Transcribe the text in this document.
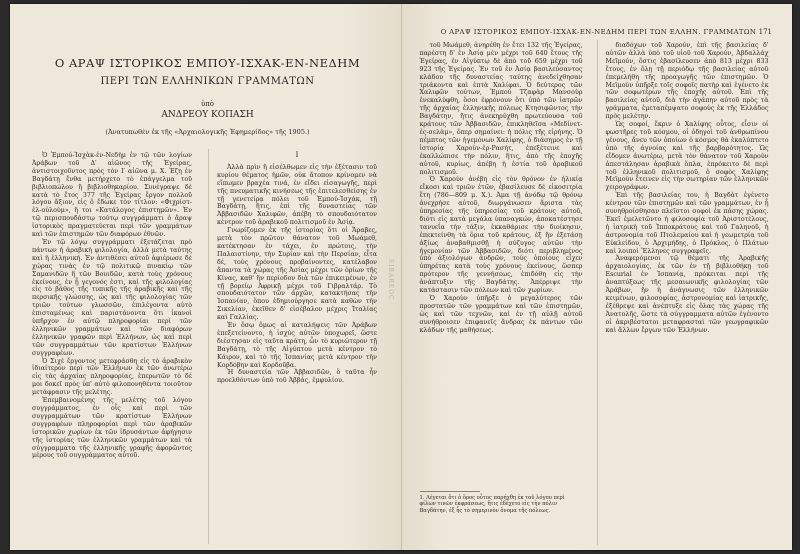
Ο ΑΡΑΨ ΙΣΤΟΡΙΚΟΣ ΕΜΠΟΥ-ΙΣΧΑΚ-ΕΝ-ΝΕΔΗΜ
ΠΕΡΙ ΤΩΝ ΕΛΛΗΝΙΚΩΝ ΓΡΑΜΜΑΤΩΝ
ὑπὸ
ΑΝΔΡΕΟΥ ΚΟΠΑΣΗ
(Ἀνατυπωθὲν ἐκ τῆς «Ἀρχαιολογικῆς Ἐφημερίδος» τῆς 1905.)

Ὁ Ἐμπού-Ἰσχὰκ-ἐν-Νεδὴμ ἐν τῷ τῶν λογίων Ἀράβων τοῦ Δ′ αἰῶνος τῆς Ἑγείρας, ἀντιστοιχοῦντος πρὸς τὸν Ι′ αἰῶνα μ. Χ. Ἐζη ἐν Βαγδάτῃ ἔνθα μετήρχετο τὸ ἐπάγγελμα τοῦ βιβλιοπώλου ἢ βιβλιοθηκαρίου. Συνέγραψε δὲ κατὰ τὸ ἔτος 377 τῆς Ἑγείρας ἔργον πολλοῦ λόγου ἄξιον, εἰς ὃ ἔδωκε τὸν τίτλον: «Φιχρίστ-ἐλ-οὐλοὺμ», ἢ τοι «Κατάλογος ἐπιστημῶν». Ἐν τῷ περισπουδάστῳ τούτῳ συγγράμματι ὁ ἄραψ ἱστορικὸς πραγματεύεται περὶ τῶν γραμμάτων καὶ τῶν ἐπιστημῶν τῶν διαφόρων ἐθνῶν.

Ἐν τῷ λόγῳ συγγράμματι ἐξετάζεται πρὸ πάντων ἡ ἀραβικὴ φιλολογία, ἀλλὰ μετὰ ταύτης καὶ ἡ ἑλληνική. Ἐν ἀντιθέσει αὐτοῦ ἀφιέρωσε δὲ χώρας τινὰς ἐν τῷ πολιτικῷ πινακίῳ τῶν Σαμανιδῶν ἢ τῶν Βουιδῶν, κατὰ τοὺς χρόνους ἐκείνους, ἐν ᾗ γεγονός ἐστι, καὶ τῆς φιλολογίας εἰς τὸ βάθος τῆς τυπικῆς τῆς ἀραβικῆς καὶ τῆς περσικῆς γλώσσης, ὡς καὶ τῆς φιλολογίας τῶν τριῶν τούτων γλωσσῶν, ἐπιλέγοντα αὐτὸ ἐπισταμένως καὶ παριστάνοντα ὅτι ἱκανοὶ ὑπῆρχον ἐν αὐτῷ πληροφορίαι περὶ τῶν ἑλληνικῶν γραμμάτων καὶ τῶν διαφόρων ἐλληνικῶν γραφῶν περὶ Ἑλλήνων, ὡς καὶ περὶ τῶν συγγραμμάτων τῶν κρατίστων Ἑλλήνων συγγραφέων.

Ὁ Σιχὲ ἔργοντος μετεφράσθη εἰς τὸ ἀραβικὸν ἰδιαίτερον περὶ τῶν Ἑλλήνων ἐκ τῶν ἀνωτέρω εἰς τὰς ἀρχαίας πληροφορίας, ἐπερωτῶν τὸ δέ μοι δοκεῖ πρὸς ὑπ' αὐτὸ φιλοπονηθέντα τοιοῦτον μετάφρασιν τῆς μελέτης.

Ἐπεμβαινομένης τῆς μελέτης τοῦ λόγου συγγράμματος, ἐν οἷς καὶ περὶ τῶν συγγραμμάτων τῶν κρατίστων Ἑλλήνων συγγραφέων πληροφορίαι περὶ τῶν ἀραβικῶν ἱστορικῶν χωρίων ἐκ τῶν ἱδρυσάντων ἀφήγησιν τῆς ἱστορίας τῶν ἐλληνικῶν γραμμάτων καὶ τὰ σύγγραμματα τῆς ἑλληνικῆς γραφῆς ἀφορῶντος μέρους τοῦ συγγράμματος αὐτοῦ.

Ι

Ἀλλὰ πρὶν ἢ εἰσέλθωμεν εἰς τὴν ἐξέτασιν τοῦ κυρίου θέματος ἡμῶν, οὐκ ἄτοπον κρίνομεν νὰ εἴπωμεν βραχέα τινά, ἐν εἴδει εἰσαγωγῆς, περὶ τῆς πνευματικῆς κινήσεως τῆς ἐπιτελεσθείσης ἐν τῇ γενετείρᾳ πόλει τοῦ Ἐμπού-Ἰσχάκ, τῇ Βαγδάτῃ, ἥτις, ἐπὶ τῆς δυναστείας τῶν Ἀββασιδῶν Χαλιφῶν, ἀπέβη τὸ σπουδαιότατον κέντρον τοῦ ἀραβικοῦ πολιτισμοῦ ἐν Ἀσίᾳ.

Γνωρίζομεν ἐκ τῆς ἱστορίας ὅτι οἱ Ἄραβες, μετὰ τὸν πρῶτον θάνατον τοῦ Μωάμεθ, κατέκτησαν ἐν τάχει, ἐν πρώτοις, τὴν Παλαιστίνην, τὴν Συρίαν καὶ τὴν Περσίαν, εἶτα δέ, τοὺς χρόνους προβαίνοντες, κατέλαβον ἅπαντα τὰ χώρας τῆς Ἀσίας μέχρι τῶν ὁρίων τῆς Κίνας, καθ' ἣν περίοδον διὰ τῶν ἐπικειμένων, ἐν τῇ βορείῳ Ἀφρικῇ μέχρι τοῦ Γιβραλτάρ. Τὸ σπουδαιότατον τῶν ἀρχῶν, κατακτήσας τὴν Ἱσπανίαν, ὅπου ἐδημιούργησε κατὰ καθὼν τὴν Σικελίαν, ἐκεῖθεν δ' εἰσέβαλον μέχρις Ἰταλίας καὶ Γαλλίας.

Ἐν ὅσῳ ὅμως αἱ καταλήψεις τῶν Ἀράβων ἐπεξετείνοντο, ἡ ἰσχὺς αὐτῶν ὑποχωρεῖ, ὥστε διέστησαν εἰς ταῦτα κράτη, ὧν τὸ κυριώτερον τῇ Βαγδάτῃ, τὸ τῆς Αἰγύπτου μετὰ κέντρον τὸ Κάιρον, καὶ τὸ τῆς Ἱσπανίας μετὰ κέντρον τὴν Κορδόβην καὶ Κορδοῦβα.

Ἡ δυναστεία τῶν Ἀββασιδῶν, ὃ ταῦτα ἦν προελθόντων ὑπὸ τοῦ Ἀββάς, ἐμφυλίου.

Ο ΑΡΑΨ ΙΣΤΟΡΙΚΟΣ ΕΜΠΟΥ-ΙΣΧΑΚ-ΕΝ-ΝΕΔΗΜ ΠΕΡΙ ΤΩΝ ΕΛΛΗΝ. ΓΡΑΜΜΑΤΩΝ 171

τοῦ Μωάμεθ, ἀνηρέθη ἐν ἔτει 132 τῆς Ἑγείρας, παρέστη δ' ἐν Ἀσίᾳ μὲν μέχρι τοῦ 640 ἔτους τῆς Ἑγείρας, ἐν Αἰγύπτῳ δὲ ἀπὸ τοῦ 659 μέχρι τοῦ 923 τῆς Ἑγείρας. Ἐν τοῦ ἐν Ἀσίᾳ βασιλεύσαντος κλάδου τῆς δυναστείας ταύτης ἀνεδείχθησαν τριάκοντα καὶ ἑπτὰ Χαλίφαι. Ὁ δεύτερος τῶν Χαλιφῶν τούτων, Ἐμποὺ Τζαφὰρ Μανσοὺρ ἐνεκαλύφθη, ὅσοι ἐφρόνουν ὅτι ὑπὸ τῶν ἰατρῶν τῆς ἀρχαίας ἑλληνικῆς πόλεως Κτησιφῶντος τὴν Βαγδάτην, ἥτις ἀνεκηρύχθη πρωτεύουσα τοῦ κράτους τῶν Ἀββασιδῶν, ἐπικληθεῖσα «Μεδίνετ-ἐς-σελὰμ», ὅπερ σημαίνει: ἡ πόλις τῆς εἰρήνης. Ὁ πέμπτος τῶν ἡγεμόνων Χαλίφης, ὁ διάσημος ἐν τῇ ἱστορίᾳ Χαροὺν-ἐρ-Ρασήτ, ἐπεξέτεινε καὶ ἐκαλλώπισε τὴν πόλιν, ἥτις, ἀπὸ τῆς ἐποχῆς αὐτοῦ, κυρίως, ἀπέβη ἡ ἑστία τοῦ ἀραβικοῦ πολιτισμοῦ.

Ὁ Χαροὺν ἀνέβη εἰς τὸν θρόνον ἐν ἡλικίᾳ εἴκοσι καὶ τριῶν ἐτῶν, ἐβασίλευσε δὲ εἰκοσιτρία ἔτη (786—809 μ. Χ.). Ἀμα τῇ ἀνόδῳ τῷ θρόνῳ ἀνεχρήσε αὐτοῦ, διωργάνωσεν ἄριστα τὰς ὑπηρεσίας τῆς ὑπηρεσίας τοῦ κράτους αὐτοῦ, διότι εἰς κατὰ μεγάλα ὑπαναγκών, ἀποκατέστησε τανυεΐα τὴν τάξιν, ἐκκαθάρισε τὴν διοίκησιν, ἐπεκτείνθη τὰ ὅρια τοῦ κράτους, ἐξ ἣν ἐξετάσῃ ἀξίως ἀναβαθμισθῇ ἡ σύζυγος αὐτῶν τὴν ἡγεμονίαν τῶν Ἀββασιδῶν, διότι περιβλημένος ὑπὸ ἀξιολόγων ἀνδρῶν, τοὺς ὁποίους εἶχεν ὑπηρέτας κατὰ τοὺς χρόνους ἐκείνους, ὥσπερ πρότερον τῆς γεννήσεως, ἐπιδόθη εἰς τὴν ἀνάπτυξιν τῆς Βαγδάτης. Ἀπέρριψε τὴν κατάστασιν τῶν πόλεων καὶ τῶν χωρίων.

Ὁ Χαροὺν ὑπῆρξε ὁ μεγαλύτερος τῶν προστατῶν τῶν γραμμάτων καὶ τῶν ἐπιστημῶν, ὡς καὶ τῶν τεχνῶν, καὶ ἐν τῇ αὐλῇ αὐτοῦ συνήθροισεν ἐπιφανεῖς ἄνδρας ἐκ πάντων τῶν κλάδων τῆς μαθήσεως.

1. Λέγεται ὅτι ὁ ὅρος οὗτος παρήχθη ἐκ τοῦ λόγου περὶ φίλων τινῶν ἐκφράσεως, ἥτις ἐδέχετο εἰς τὴν πόλιν Βαγδάτην, ἐξ ἧς τὸ σημερινὸν ὄνομα τῆς πόλεως.

διαδόχων τοῦ Χαρούν, ἐπὶ τῆς βασιλείας δ' αὐτῶν ἀλλὰ ὑπὸ τοῦ υἱοῦ τοῦ Χαρούν, Ἀβδαλλάχ Μεῖμούν, ὅστις ἐβασίλευσεν ἀπὸ 813 μέχρι 833 ἔτους, ἐν ὅλῃ τῇ περιόδῳ τῆς βασιλείας αὐτοῦ ἐπεμελήθη τῆς προαγωγῆς τῶν ἐπιστημῶν. Ὁ Μεϊμοὺν ὑπῆρξε τοῖς σοφοῖς πατὴρ καὶ ἐγένετο ἐκ τῶν σοφωτέρων τῆς ἐποχῆς αὐτοῦ. Ἐπὶ τῆς βασιλείας αὐτοῦ, διὰ τὴν ἀγάπην αὐτοῦ πρὸς τὰ γράμματα, ἐμεταπέμψατο σοφοὺς ἐκ τῆς Ἑλλάδος πρὸς μελέτην.

Ὡς σοφοί, ἔκριν ὁ Χαλίφης οὗτος, εἶσιν οἱ φωστῆρες τοῦ κόσμου, οἱ ὁδηγοὶ τοῦ ἀνθρωπίνου γένους, ἄνευ τῶν ὁποίων ὁ κόσμος θὰ ἐκαλύπτετο ὑπὸ τῆς ἀγνοίας καὶ τῆς βαρβαρότητος. Ὡς εἴδομεν ἀνωτέρω, μετὰ τὸν θάνατον τοῦ Χαρούν ἀπεστάλησαν ἀραβικὰ ὅπλα, ἐπρόκειτο δὲ περὶ τοῦ ἑλληνικοῦ πολιτισμοῦ, ὁ σοφὸς Χαλίφης Μεϊμοὺν ἔτεινεν εἰς τὴν σωτηρίαν τῶν ἑλληνικῶν χειρογράφων.

Ἐπὶ τῆς βασιλείας του, ἡ Βαγδὰτ ἐγένετο κέντρον τῶν ἐπιστημῶν καὶ τῶν γραμμάτων, ἐν ᾗ συνηθροίσθησαν πλεῖστοι σοφοὶ ἐκ πάσης χώρας. Ἐκεῖ ἐμελετῶντο ἡ φιλοσοφία τοῦ Ἀριστοτέλους, ἡ ἰατρικὴ τοῦ Ἱπποκράτους καὶ τοῦ Γαληνοῦ, ἡ ἀστρονομία τοῦ Πτολεμαίου καὶ ἡ γεωμετρία τοῦ Εὐκλείδου, ὁ Ἀρχιμήδης, ὁ Πρόκλος, ὁ Πλάτων καὶ λοιποὶ Ἕλληνες συγγραφεῖς.

Ἀναφερόμενοι τῷ θέματι τῆς Ἀραβικῆς ἀρχαιολογίας, ἐκ τῶν ἐν τῇ βιβλιοθήκῃ τοῦ Escurial ἐν Ἰσπανίᾳ, πρόκειται περὶ τῆς ἀναπτύξεως τῆς μεσαιωνικῆς φιλολογίας τῶν Ἀράβων, ἣν ἡ ἀνάγνωσις τῶν ἑλληνικῶν κειμένων, φιλοσοφίας, ἀστρονομίας καὶ ἰατρικῆς, ἐξέθρεψε καὶ ἀνέπτυξε εἰς ὅλας τὰς χώρας τῆς Ἀνατολῆς, ὥστε τὰ σύγγραμματα αὐτῶν ἐγένοντο οἱ ἀκριβέστατοι μεταφρασταὶ τῶν γεωγραφικῶν καὶ ἄλλων ἔργων τῶν Ἑλλήνων.

SIBAREOC
